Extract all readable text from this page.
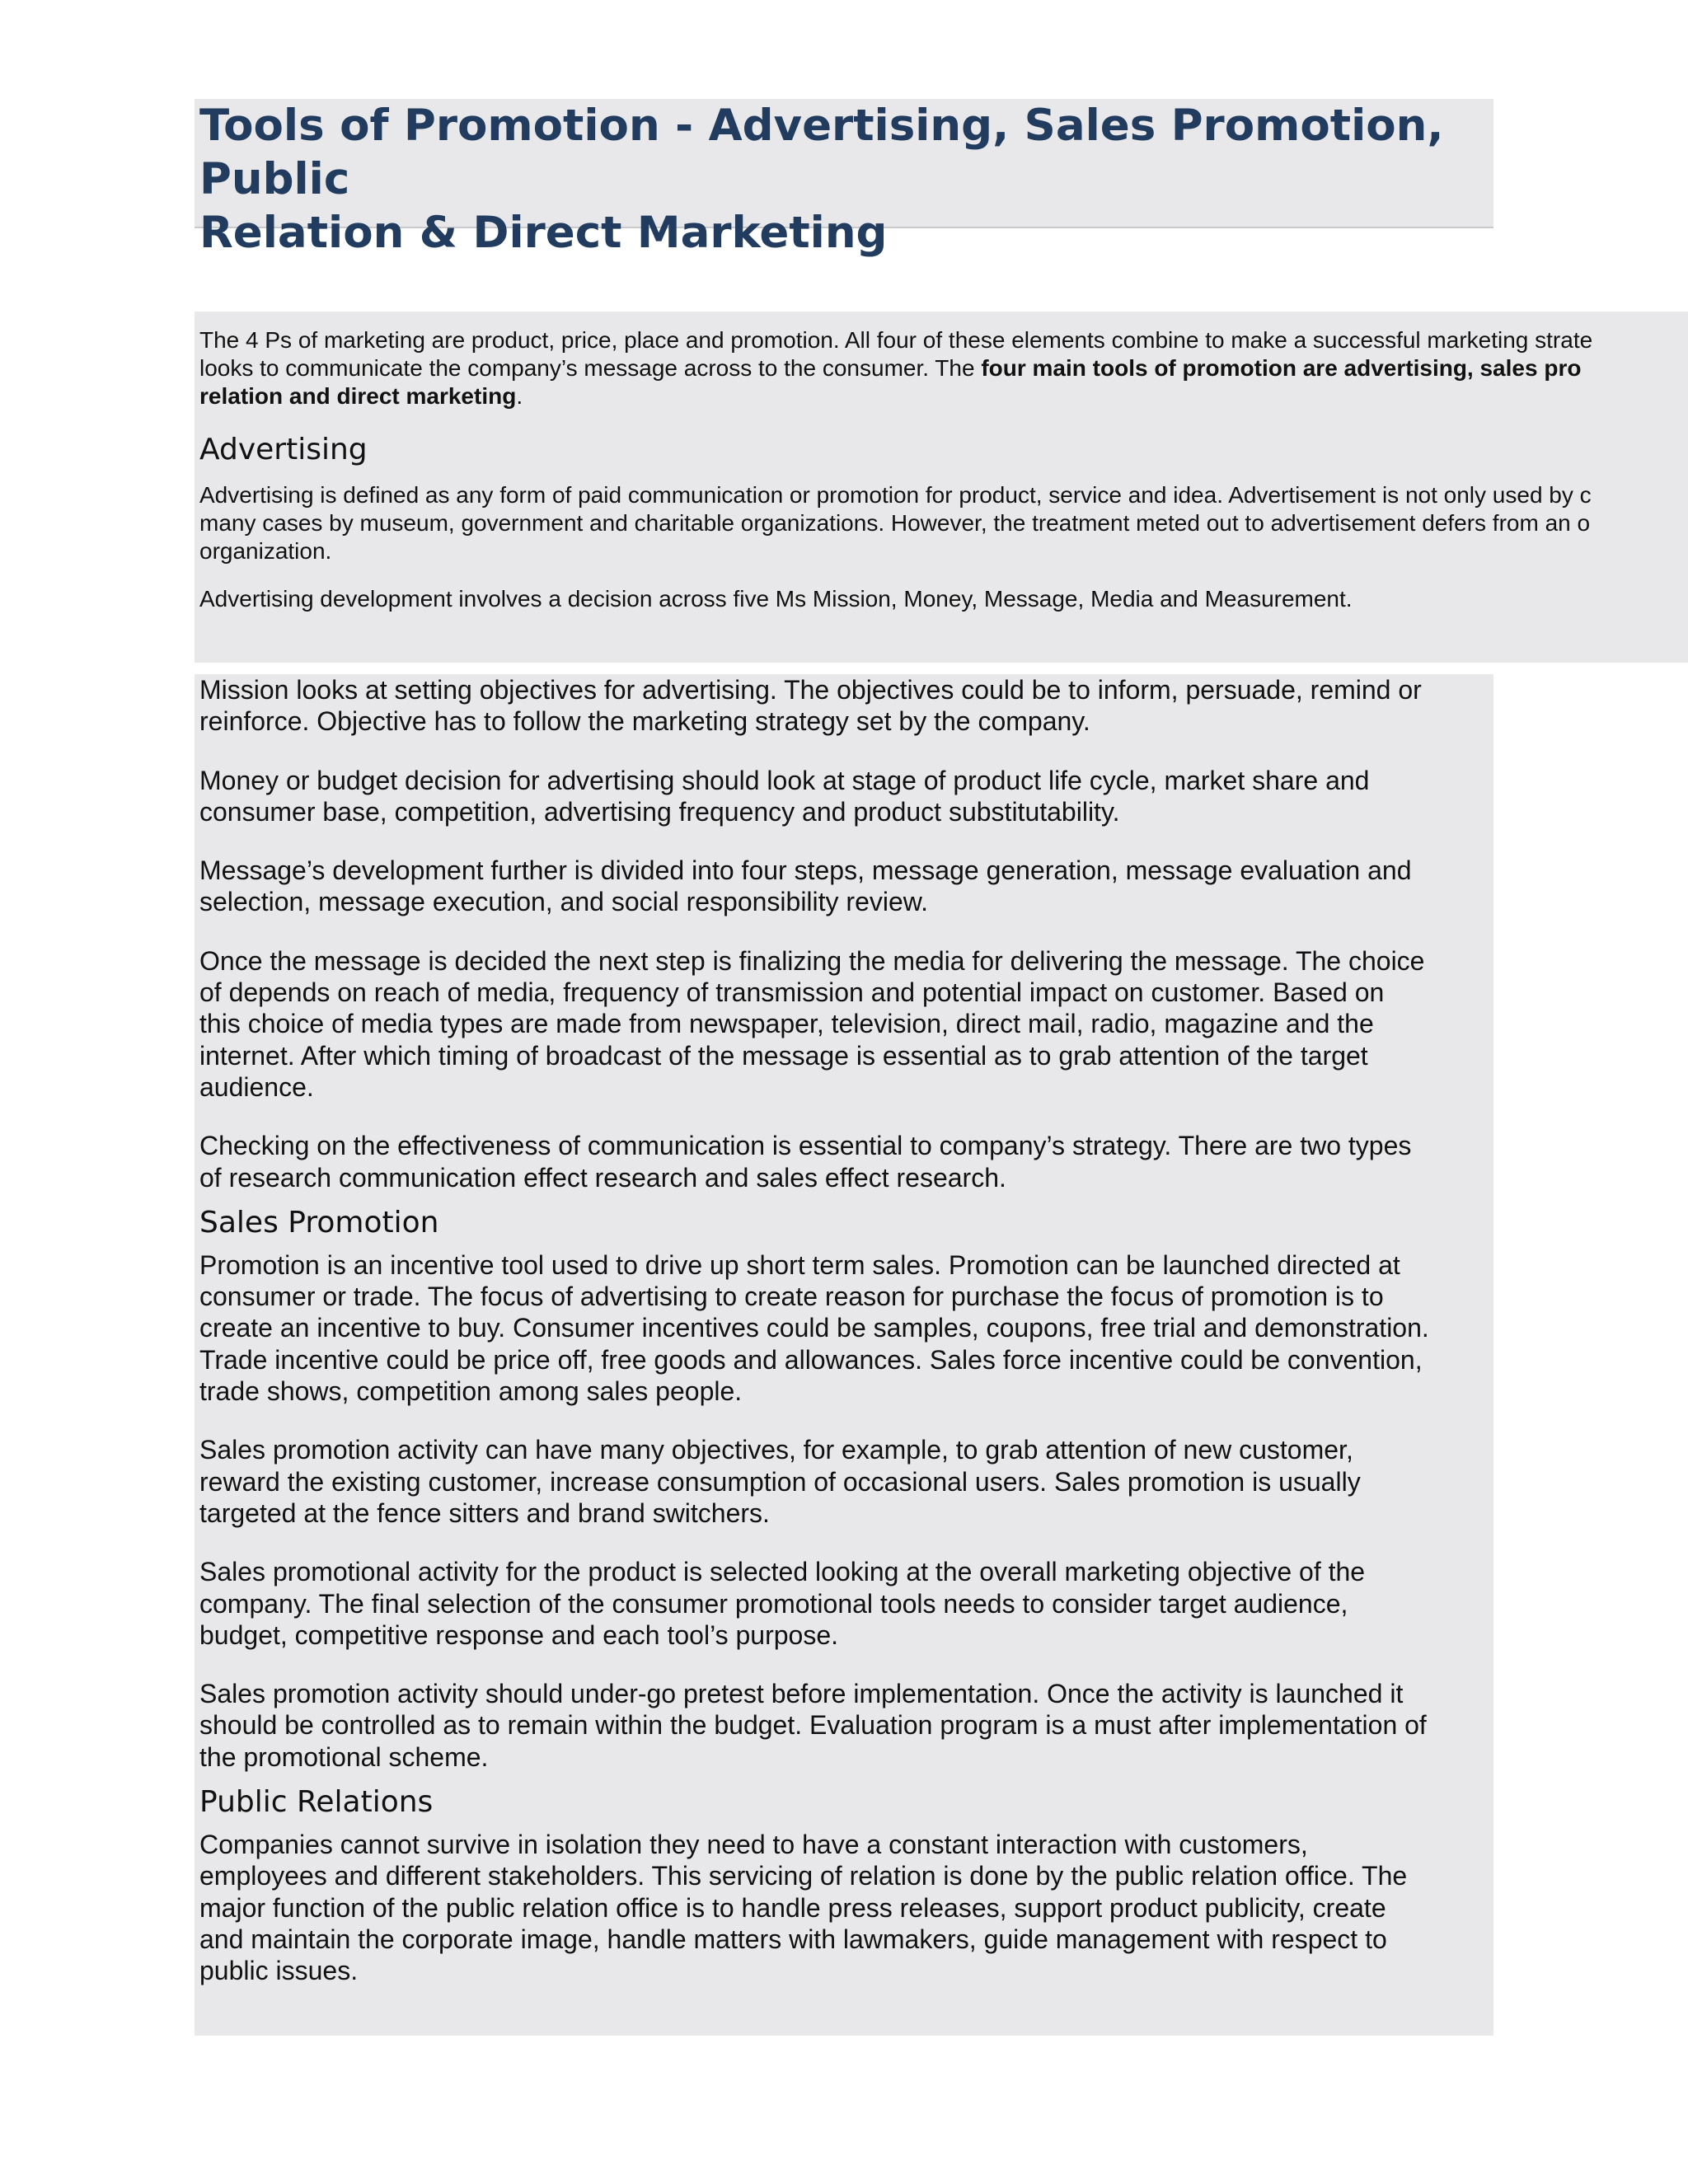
Tools of Promotion - Advertising, Sales Promotion, Public
Relation & Direct Marketing

The 4 Ps of marketing are product, price, place and promotion. All four of these elements combine to make a successful marketing strate

looks to communicate the company’s message across to the consumer. The four main tools of promotion are advertising, sales pro

relation and direct marketing.

Advertising

Advertising is defined as any form of paid communication or promotion for product, service and idea. Advertisement is not only used by c

many cases by museum, government and charitable organizations. However, the treatment meted out to advertisement defers from an o

organization.

Advertising development involves a decision across five Ms Mission, Money, Message, Media and Measurement.

Mission looks at setting objectives for advertising. The objectives could be to inform, persuade, remind or

reinforce. Objective has to follow the marketing strategy set by the company.

Money or budget decision for advertising should look at stage of product life cycle, market share and

consumer base, competition, advertising frequency and product substitutability.

Message’s development further is divided into four steps, message generation, message evaluation and

selection, message execution, and social responsibility review.

Once the message is decided the next step is finalizing the media for delivering the message. The choice

of depends on reach of media, frequency of transmission and potential impact on customer. Based on

this choice of media types are made from newspaper, television, direct mail, radio, magazine and the

internet. After which timing of broadcast of the message is essential as to grab attention of the target

audience.

Checking on the effectiveness of communication is essential to company’s strategy. There are two types

of research communication effect research and sales effect research.

Sales Promotion

Promotion is an incentive tool used to drive up short term sales. Promotion can be launched directed at

consumer or trade. The focus of advertising to create reason for purchase the focus of promotion is to

create an incentive to buy. Consumer incentives could be samples, coupons, free trial and demonstration.

Trade incentive could be price off, free goods and allowances. Sales force incentive could be convention,

trade shows, competition among sales people.

Sales promotion activity can have many objectives, for example, to grab attention of new customer,

reward the existing customer, increase consumption of occasional users. Sales promotion is usually

targeted at the fence sitters and brand switchers.

Sales promotional activity for the product is selected looking at the overall marketing objective of the

company. The final selection of the consumer promotional tools needs to consider target audience,

budget, competitive response and each tool’s purpose.

Sales promotion activity should under-go pretest before implementation. Once the activity is launched it

should be controlled as to remain within the budget. Evaluation program is a must after implementation of

the promotional scheme.

Public Relations

Companies cannot survive in isolation they need to have a constant interaction with customers,

employees and different stakeholders. This servicing of relation is done by the public relation office. The

major function of the public relation office is to handle press releases, support product publicity, create

and maintain the corporate image, handle matters with lawmakers, guide management with respect to

public issues.
